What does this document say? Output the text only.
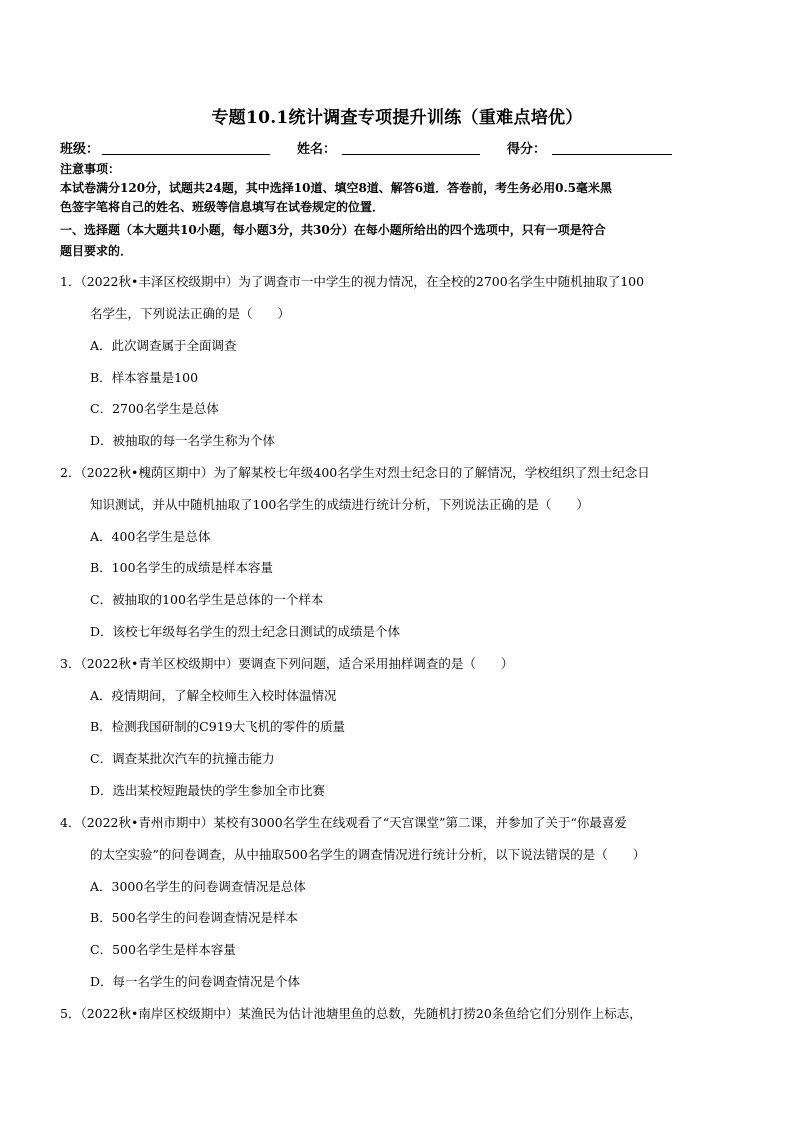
专题10.1统计调查专项提升训练（重难点培优）
班级：	姓名：	得分：
注意事项：
本试卷满分120分，试题共24题，其中选择10道、填空8道、解答6道．答卷前，考生务必用0.5毫米黑
色签字笔将自己的姓名、班级等信息填写在试卷规定的位置．
一、选择题（本大题共10小题，每小题3分，共30分）在每小题所给出的四个选项中，只有一项是符合
题目要求的．
1．（2022秋•丰泽区校级期中）为了调查市一中学生的视力情况，在全校的2700名学生中随机抽取了100
名学生，下列说法正确的是（　　）
A．此次调查属于全面调查
B．样本容量是100
C．2700名学生是总体
D．被抽取的每一名学生称为个体
2．（2022秋•槐荫区期中）为了解某校七年级400名学生对烈士纪念日的了解情况，学校组织了烈士纪念日
知识测试，并从中随机抽取了100名学生的成绩进行统计分析，下列说法正确的是（　　）
A．400名学生是总体
B．100名学生的成绩是样本容量
C．被抽取的100名学生是总体的一个样本
D．该校七年级每名学生的烈士纪念日测试的成绩是个体
3．（2022秋•青羊区校级期中）要调查下列问题，适合采用抽样调查的是（　　）
A．疫情期间，了解全校师生入校时体温情况
B．检测我国研制的C919大飞机的零件的质量
C．调查某批次汽车的抗撞击能力
D．选出某校短跑最快的学生参加全市比赛
4．（2022秋•青州市期中）某校有3000名学生在线观看了“天宫课堂”第二课，并参加了关于“你最喜爱
的太空实验”的问卷调查，从中抽取500名学生的调查情况进行统计分析，以下说法错误的是（　　）
A．3000名学生的问卷调查情况是总体
B．500名学生的问卷调查情况是样本
C．500名学生是样本容量
D．每一名学生的问卷调查情况是个体
5．（2022秋•南岸区校级期中）某渔民为估计池塘里鱼的总数，先随机打捞20条鱼给它们分别作上标志，
